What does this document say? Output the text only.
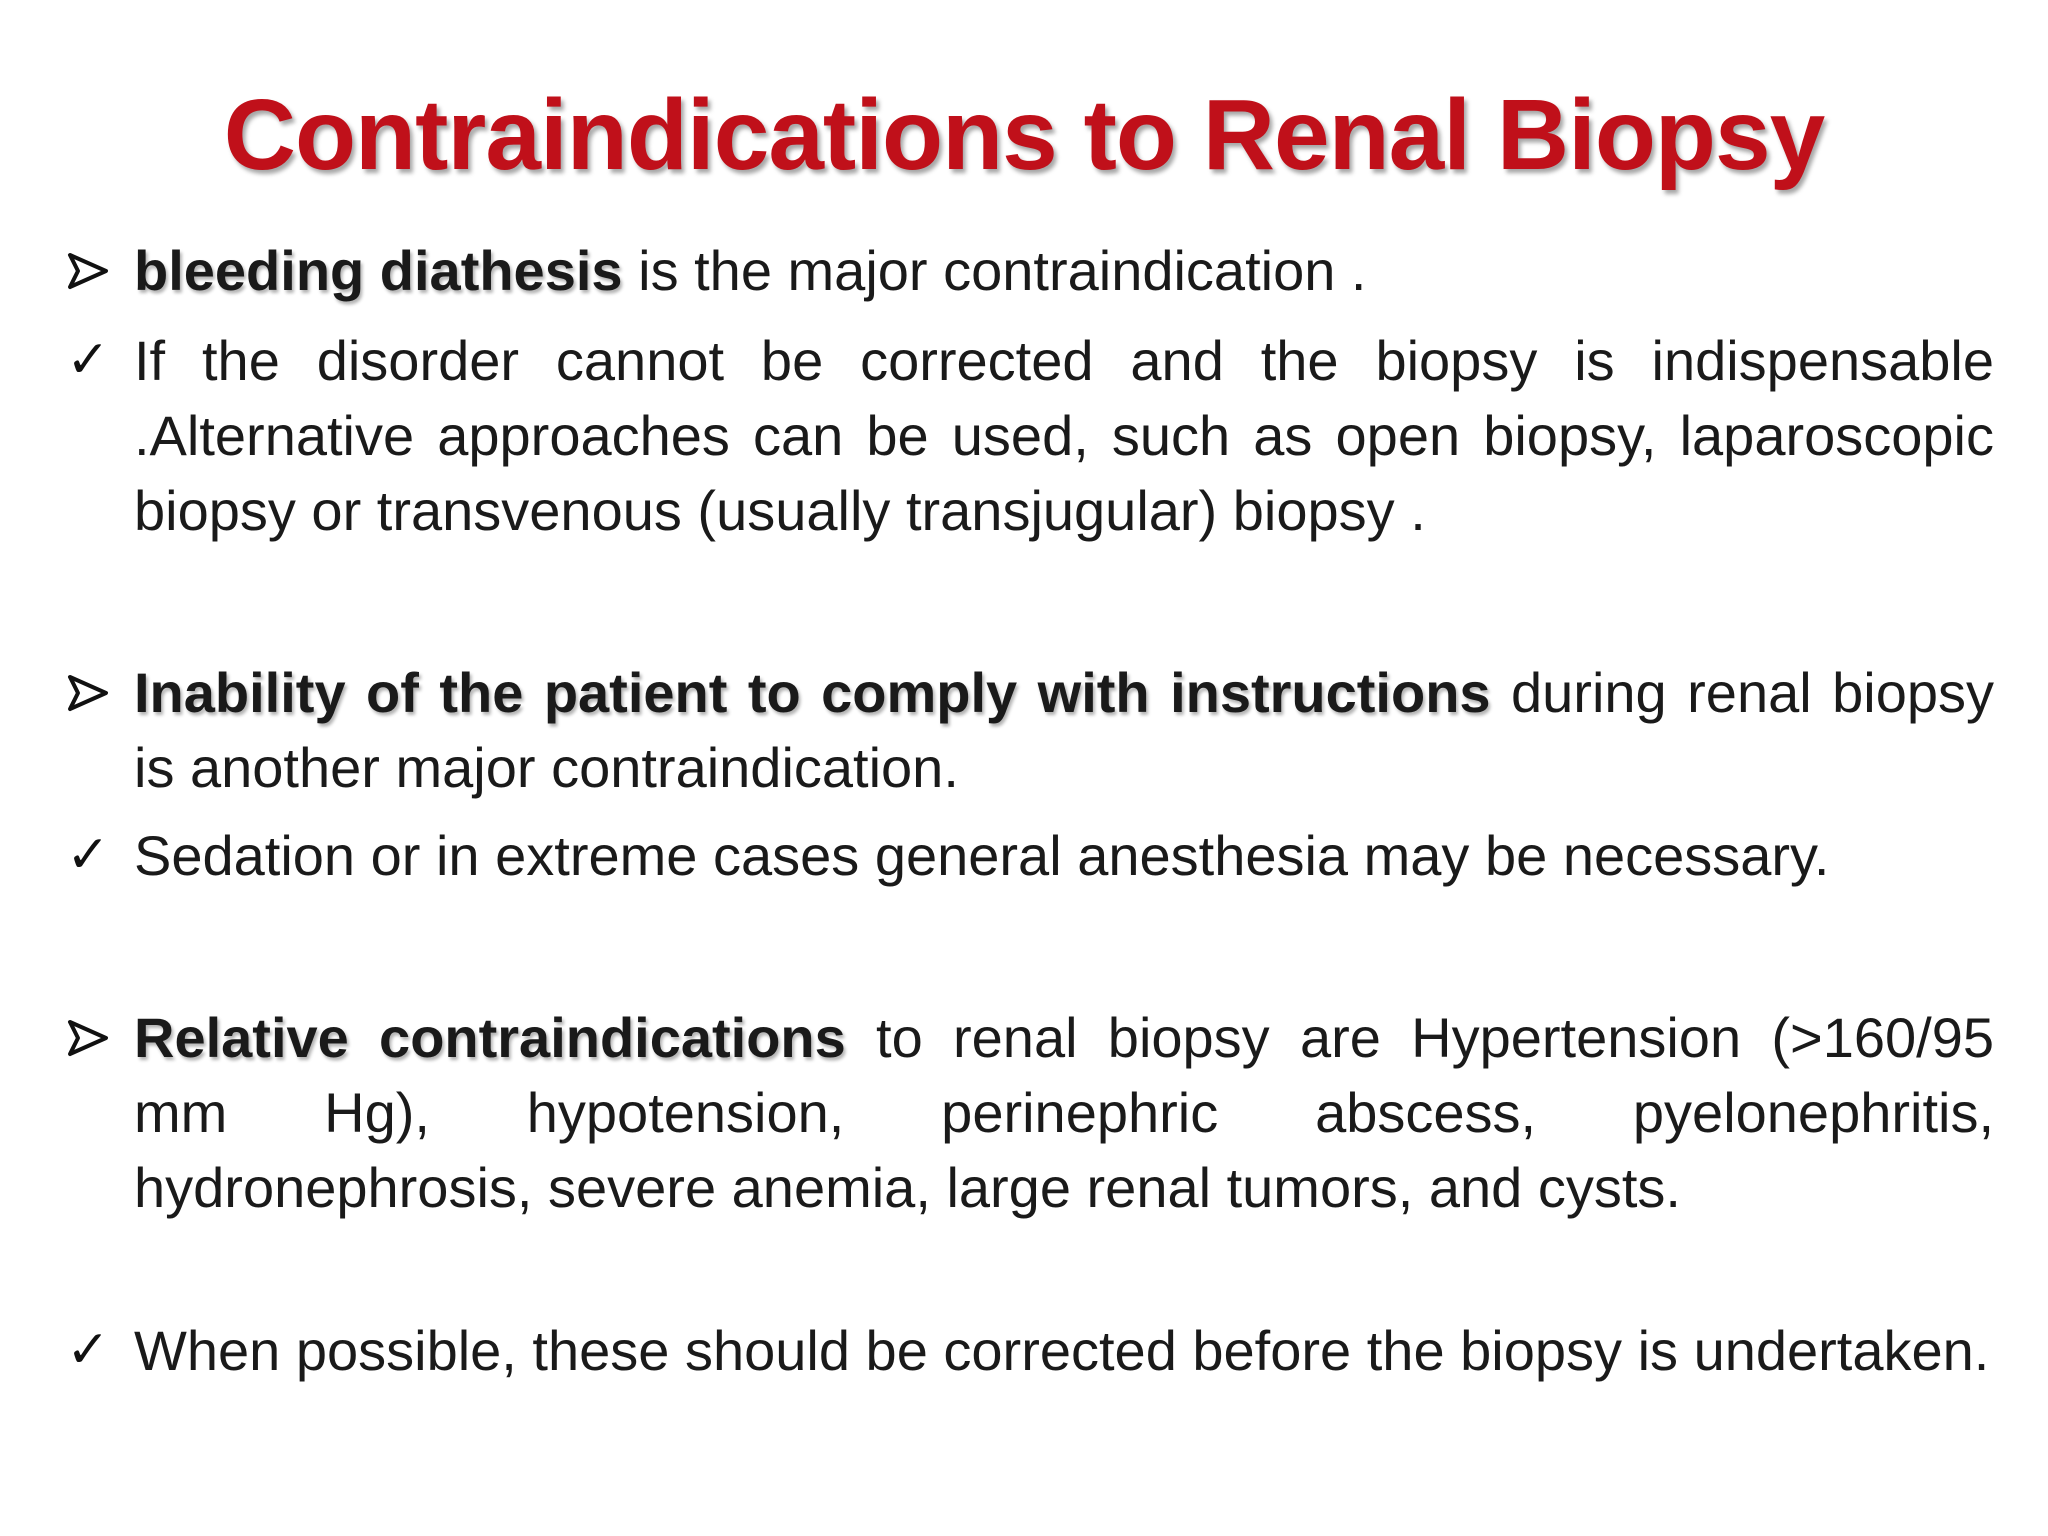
Contraindications to Renal Biopsy
bleeding diathesis is the major contraindication .
✓ If the disorder cannot be corrected and the biopsy is indispensable .Alternative approaches can be used, such as open biopsy, laparoscopic biopsy or transvenous (usually transjugular) biopsy .
Inability of the patient to comply with instructions during renal biopsy is another major contraindication.
✓ Sedation or in extreme cases general anesthesia may be necessary.
Relative contraindications to renal biopsy are Hypertension (>160/95 mm Hg), hypotension, perinephric abscess, pyelonephritis, hydronephrosis, severe anemia, large renal tumors, and cysts.
✓ When possible, these should be corrected before the biopsy is undertaken.
